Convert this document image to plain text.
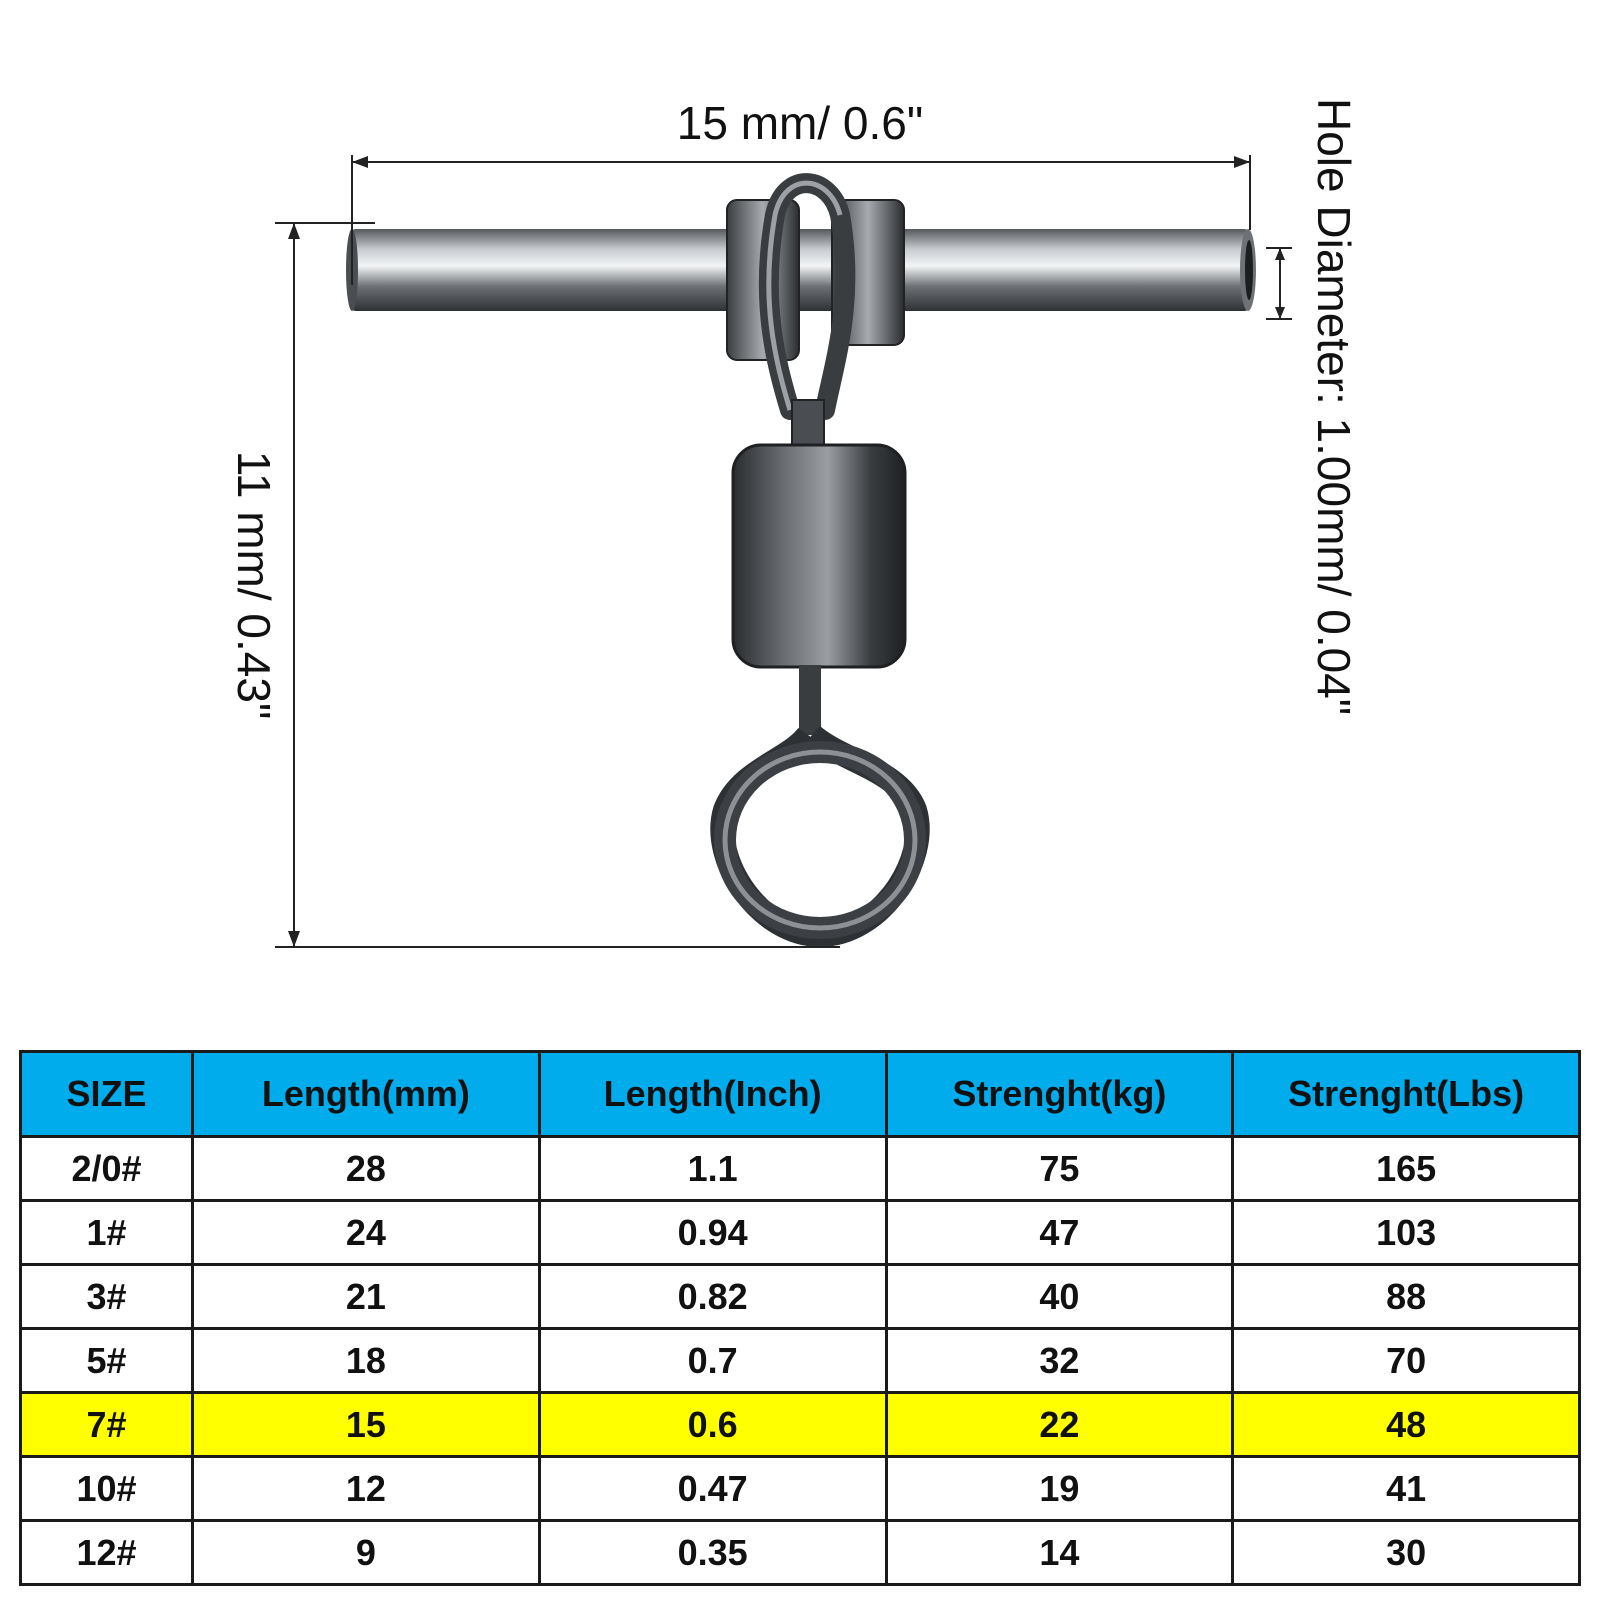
15 mm/ 0.6"
11 mm/ 0.43"	Hole Diameter: 1.00mm/ 0.04"
SIZE	Length(mm)	Length(Inch)	Strenght(kg)	Strenght(Lbs)
2/0#	28	1.1	75	165
1#	24	0.94	47	103
3#	21	0.82	40	88
5#	18	0.7	32	70
7#	15	0.6	22	48
10#	12	0.47	19	41
12#	9	0.35	14	30
